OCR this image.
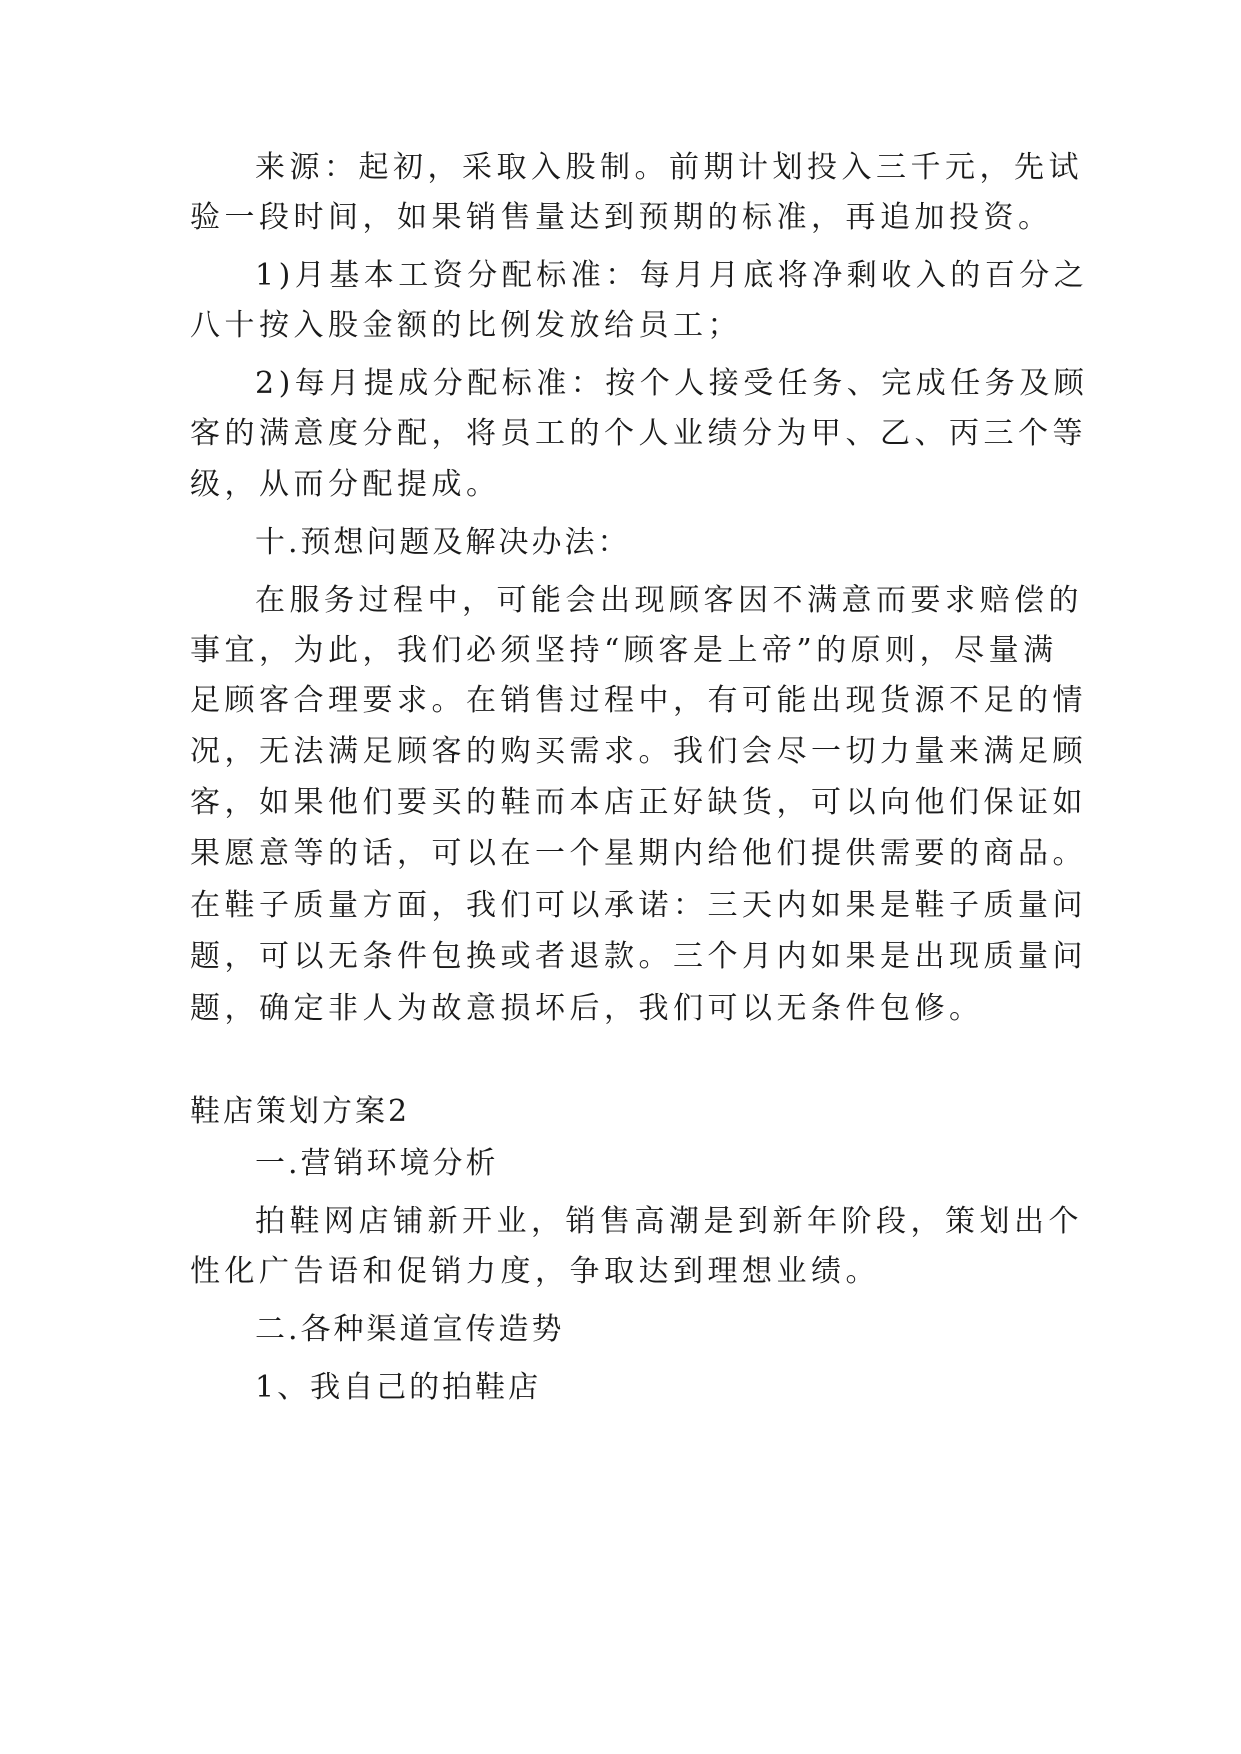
来源：起初，采取入股制。前期计划投入三千元，先试
验一段时间，如果销售量达到预期的标准，再追加投资。
1)月基本工资分配标准：每月月底将净剩收入的百分之
八十按入股金额的比例发放给员工；
2)每月提成分配标准：按个人接受任务、完成任务及顾
客的满意度分配，将员工的个人业绩分为甲、乙、丙三个等
级，从而分配提成。
十.预想问题及解决办法：
在服务过程中，可能会出现顾客因不满意而要求赔偿的
事宜，为此，我们必须坚持“顾客是上帝”的原则，尽量满
足顾客合理要求。在销售过程中，有可能出现货源不足的情
况，无法满足顾客的购买需求。我们会尽一切力量来满足顾
客，如果他们要买的鞋而本店正好缺货，可以向他们保证如
果愿意等的话，可以在一个星期内给他们提供需要的商品。
在鞋子质量方面，我们可以承诺：三天内如果是鞋子质量问
题，可以无条件包换或者退款。三个月内如果是出现质量问
题，确定非人为故意损坏后，我们可以无条件包修。
鞋店策划方案2
一.营销环境分析
拍鞋网店铺新开业，销售高潮是到新年阶段，策划出个
性化广告语和促销力度，争取达到理想业绩。
二.各种渠道宣传造势
1、我自己的拍鞋店
